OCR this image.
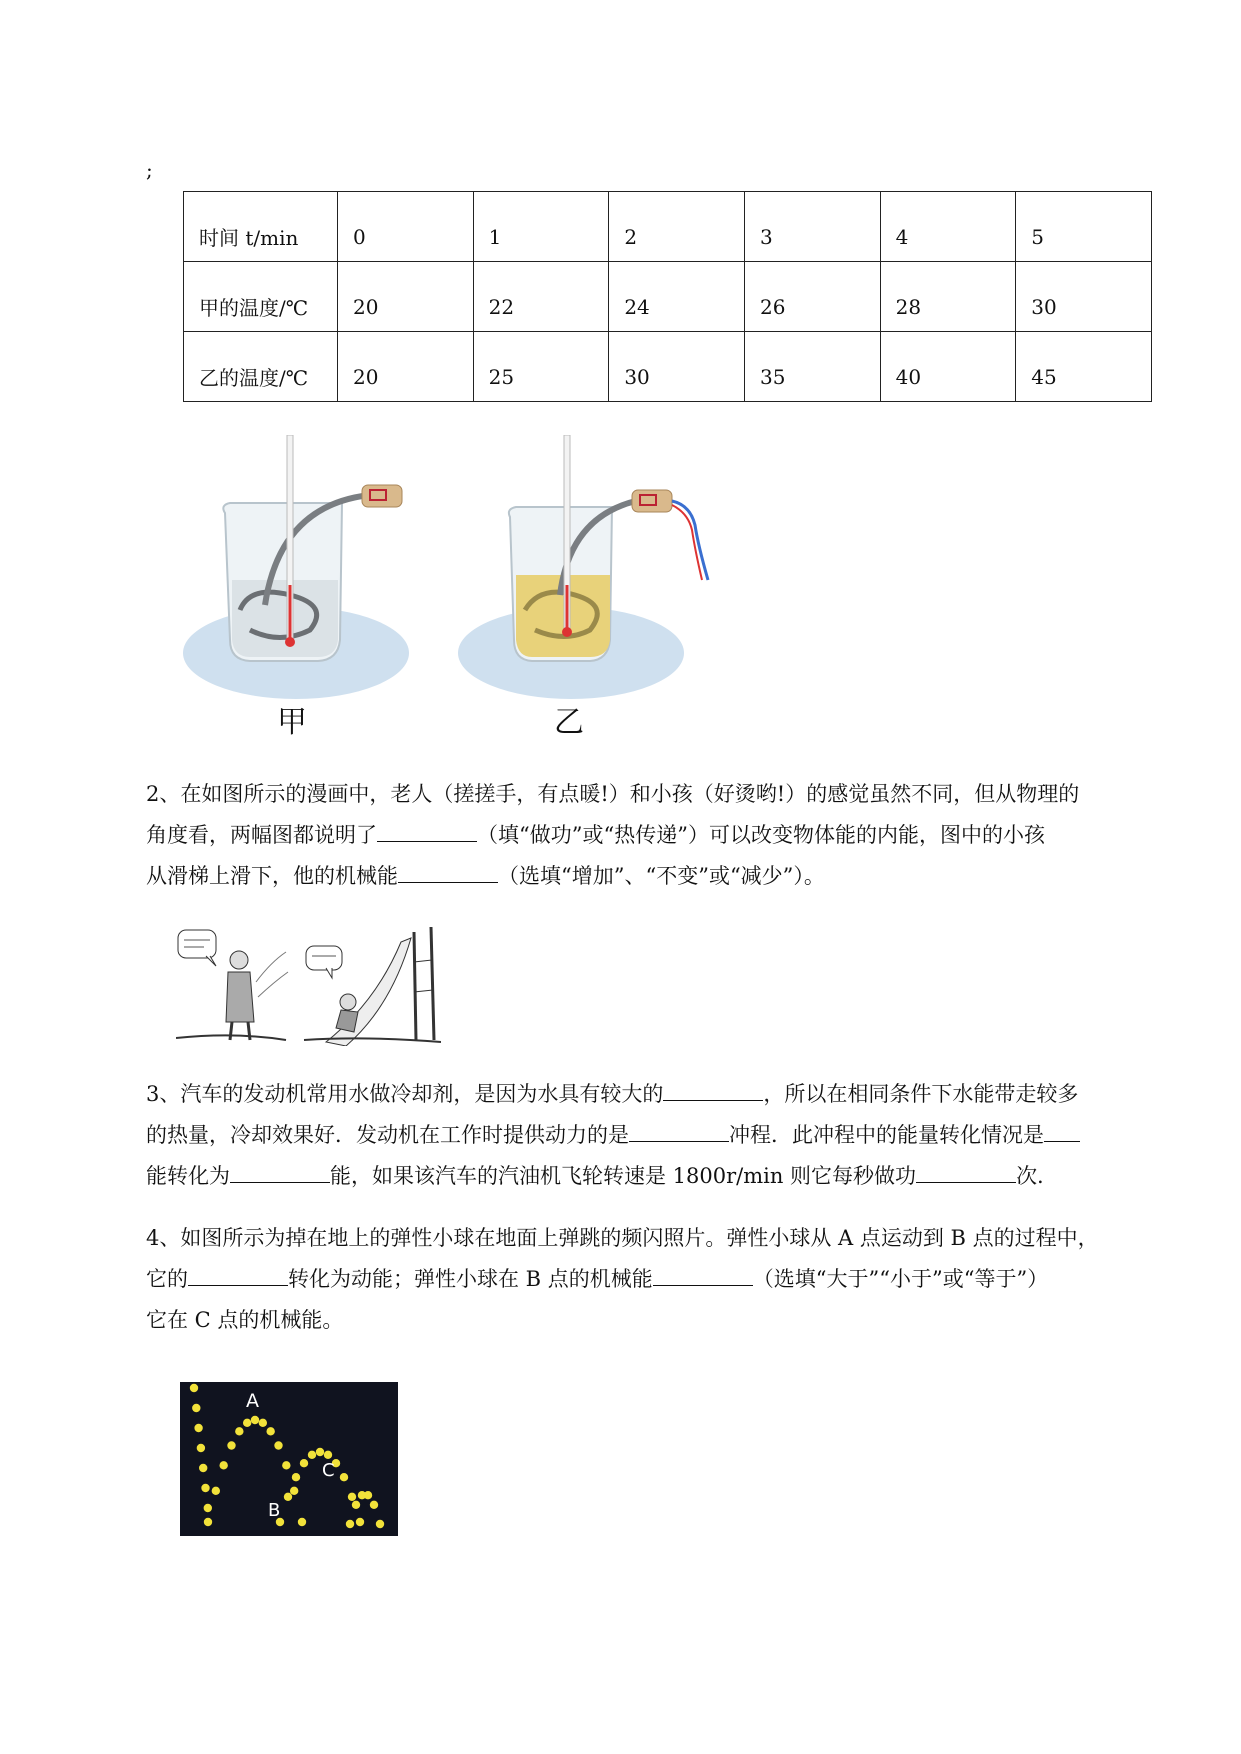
;
时间 t/min	0	1	2	3	4	5
甲的温度/℃	20	22	24	26	28	30
乙的温度/℃	20	25	30	35	40	45
甲	乙
2、在如图所示的漫画中，老人（搓搓手，有点暖!）和小孩（好烫哟!）的感觉虽然不同，但从物理的
角度看，两幅图都说明了	（填“做功”或“热传递”）可以改变物体能的内能，图中的小孩
从滑梯上滑下，他的机械能	（选填“增加”、“不变”或“减少”）。
3、汽车的发动机常用水做冷却剂，是因为水具有较大的	，所以在相同条件下水能带走较多
的热量，冷却效果好．发动机在工作时提供动力的是	冲程．此冲程中的能量转化情况是
能转化为	能，如果该汽车的汽油机飞轮转速是 1800r/min 则它每秒做功	次.
4、如图所示为掉在地上的弹性小球在地面上弹跳的频闪照片。弹性小球从 A 点运动到 B 点的过程中，
它的	转化为动能；弹性小球在 B 点的机械能	（选填“大于”“小于”或“等于”）
它在 C 点的机械能。
A
B
C
